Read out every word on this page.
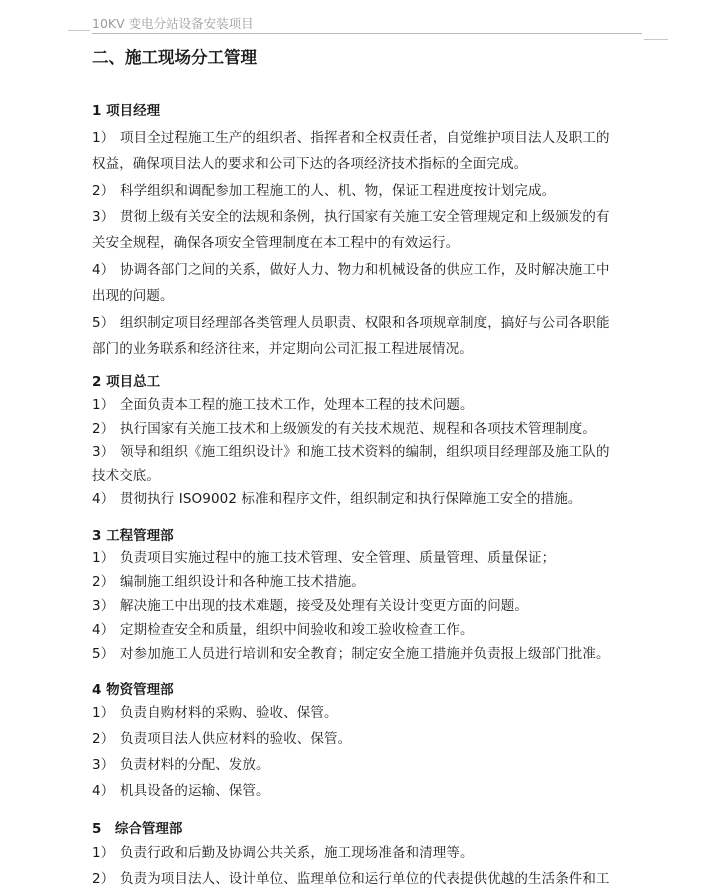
10KV 变电分站设备安装项目
二、施工现场分工管理
1 项目经理
1） 项目全过程施工生产的组织者、指挥者和全权责任者，自觉维护项目法人及职工的
权益，确保项目法人的要求和公司下达的各项经济技术指标的全面完成。
2） 科学组织和调配参加工程施工的人、机、物，保证工程进度按计划完成。
3） 贯彻上级有关安全的法规和条例，执行国家有关施工安全管理规定和上级颁发的有
关安全规程，确保各项安全管理制度在本工程中的有效运行。
4） 协调各部门之间的关系，做好人力、物力和机械设备的供应工作，及时解决施工中
出现的问题。
5） 组织制定项目经理部各类管理人员职责、权限和各项规章制度，搞好与公司各职能
部门的业务联系和经济往来，并定期向公司汇报工程进展情况。
2 项目总工
1） 全面负责本工程的施工技术工作，处理本工程的技术问题。
2） 执行国家有关施工技术和上级颁发的有关技术规范、规程和各项技术管理制度。
3） 领导和组织《施工组织设计》和施工技术资料的编制，组织项目经理部及施工队的
技术交底。
4） 贯彻执行 ISO9002 标准和程序文件，组织制定和执行保障施工安全的措施。
3 工程管理部
1） 负责项目实施过程中的施工技术管理、安全管理、质量管理、质量保证；
2） 编制施工组织设计和各种施工技术措施。
3） 解决施工中出现的技术难题，接受及处理有关设计变更方面的问题。
4） 定期检查安全和质量，组织中间验收和竣工验收检查工作。
5） 对参加施工人员进行培训和安全教育；制定安全施工措施并负责报上级部门批准。
4 物资管理部
1） 负责自购材料的采购、验收、保管。
2） 负责项目法人供应材料的验收、保管。
3） 负责材料的分配、发放。
4） 机具设备的运输、保管。
5　综合管理部
1） 负责行政和后勤及协调公共关系，施工现场准备和清理等。
2） 负责为项目法人、设计单位、监理单位和运行单位的代表提供优越的生活条件和工
